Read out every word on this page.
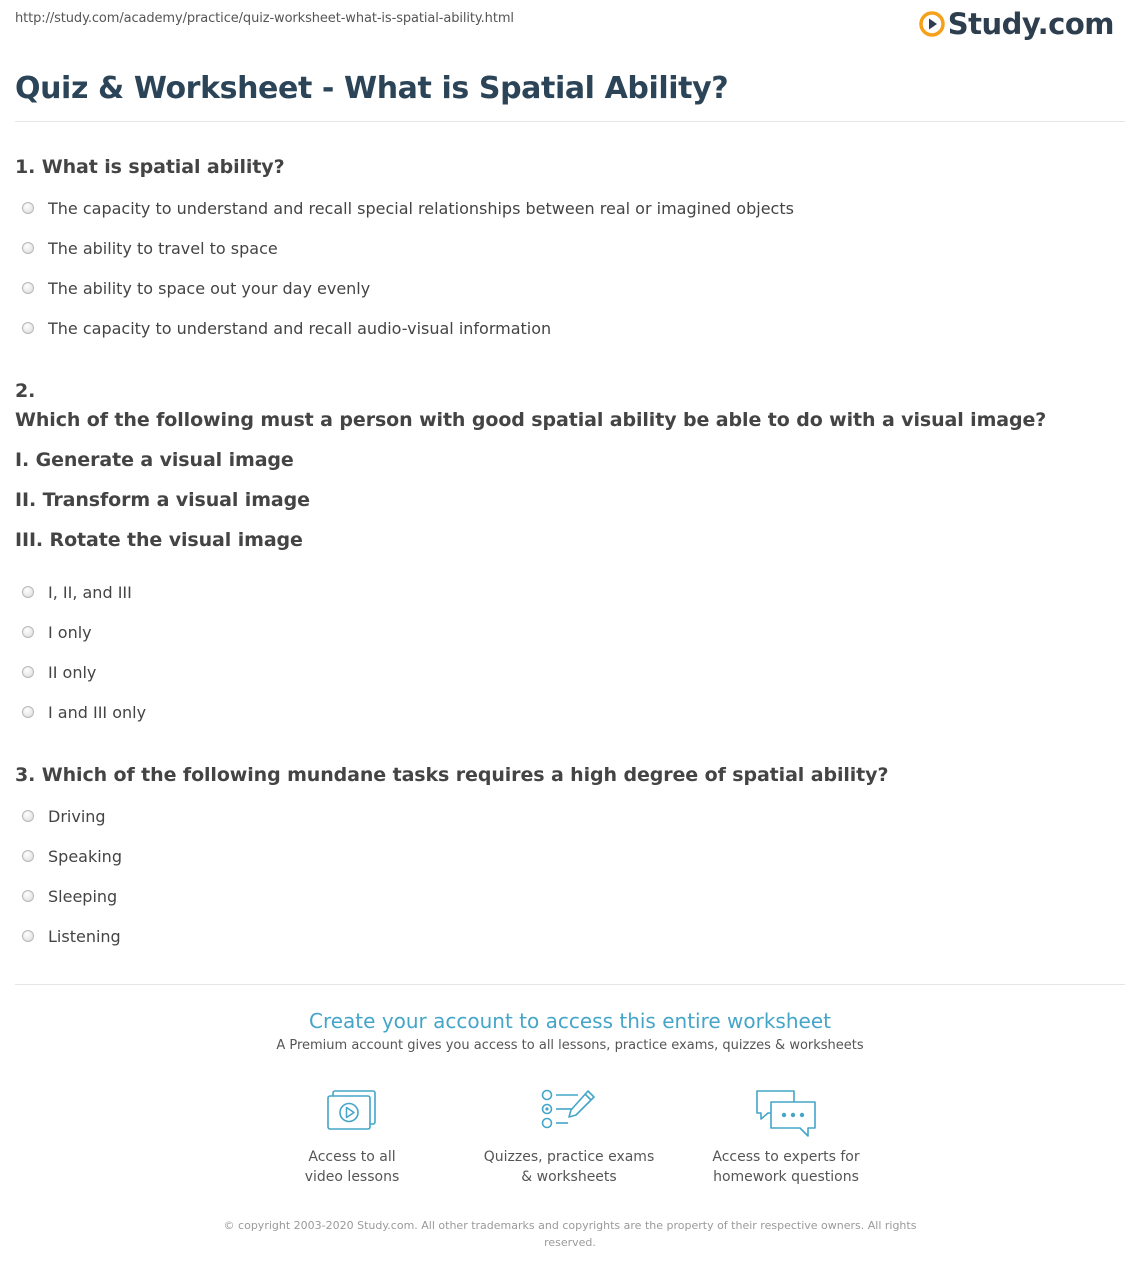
http://study.com/academy/practice/quiz-worksheet-what-is-spatial-ability.html	Study.com
Quiz & Worksheet - What is Spatial Ability?
1. What is spatial ability?
The capacity to understand and recall special relationships between real or imagined objects
The ability to travel to space
The ability to space out your day evenly
The capacity to understand and recall audio-visual information
2.
Which of the following must a person with good spatial ability be able to do with a visual image?
I. Generate a visual image
II. Transform a visual image
III. Rotate the visual image
I, II, and III
I only
II only
I and III only
3. Which of the following mundane tasks requires a high degree of spatial ability?
Driving
Speaking
Sleeping
Listening
Create your account to access this entire worksheet
A Premium account gives you access to all lessons, practice exams, quizzes & worksheets
Access to all
video lessons
Quizzes, practice exams
& worksheets
Access to experts for
homework questions
© copyright 2003-2020 Study.com. All other trademarks and copyrights are the property of their respective owners. All rights reserved.
